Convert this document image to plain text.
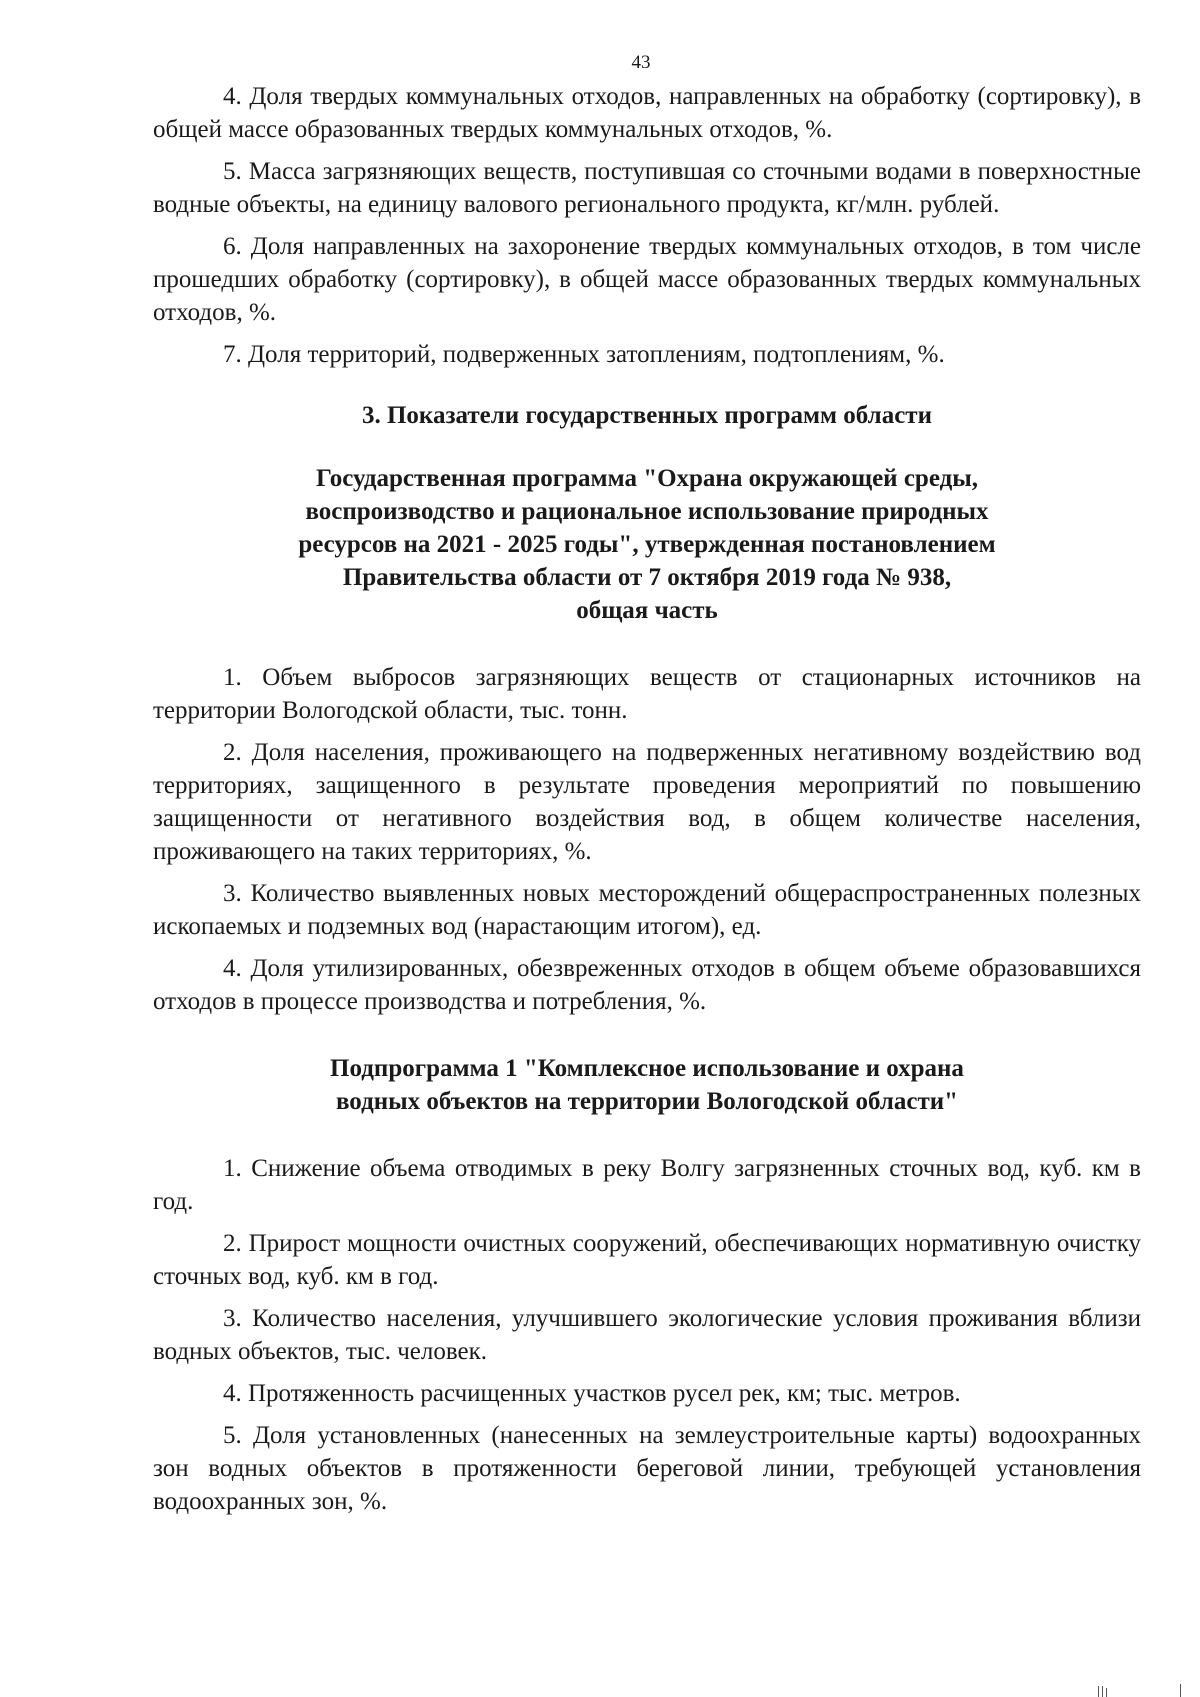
43

4. Доля твердых коммунальных отходов, направленных на обработку (сортировку), в общей массе образованных твердых коммунальных отходов, %.

5. Масса загрязняющих веществ, поступившая со сточными водами в поверхностные водные объекты, на единицу валового регионального продукта, кг/млн. рублей.

6. Доля направленных на захоронение твердых коммунальных отходов, в том числе прошедших обработку (сортировку), в общей массе образованных твердых коммунальных отходов, %.

7. Доля территорий, подверженных затоплениям, подтоплениям, %.

3. Показатели государственных программ области
Государственная программа "Охрана окружающей среды,
воспроизводство и рациональное использование природных
ресурсов на 2021 - 2025 годы", утвержденная постановлением
Правительства области от 7 октября 2019 года № 938,
общая часть

1. Объем выбросов загрязняющих веществ от стационарных источников на территории Вологодской области, тыс. тонн.

2. Доля населения, проживающего на подверженных негативному воздействию вод территориях, защищенного в результате проведения мероприятий по повышению защищенности от негативного воздействия вод, в общем количестве населения, проживающего на таких территориях, %.

3. Количество выявленных новых месторождений общераспространенных полезных ископаемых и подземных вод (нарастающим итогом), ед.

4. Доля утилизированных, обезвреженных отходов в общем объеме образовавшихся отходов в процессе производства и потребления, %.

Подпрограмма 1 "Комплексное использование и охрана
водных объектов на территории Вологодской области"

1. Снижение объема отводимых в реку Волгу загрязненных сточных вод, куб. км в год.

2. Прирост мощности очистных сооружений, обеспечивающих нормативную очистку сточных вод, куб. км в год.

3. Количество населения, улучшившего экологические условия проживания вблизи водных объектов, тыс. человек.

4. Протяженность расчищенных участков русел рек, км; тыс. метров.

5. Доля установленных (нанесенных на землеустроительные карты) водоохранных зон водных объектов в протяженности береговой линии, требующей установления водоохранных зон, %.
